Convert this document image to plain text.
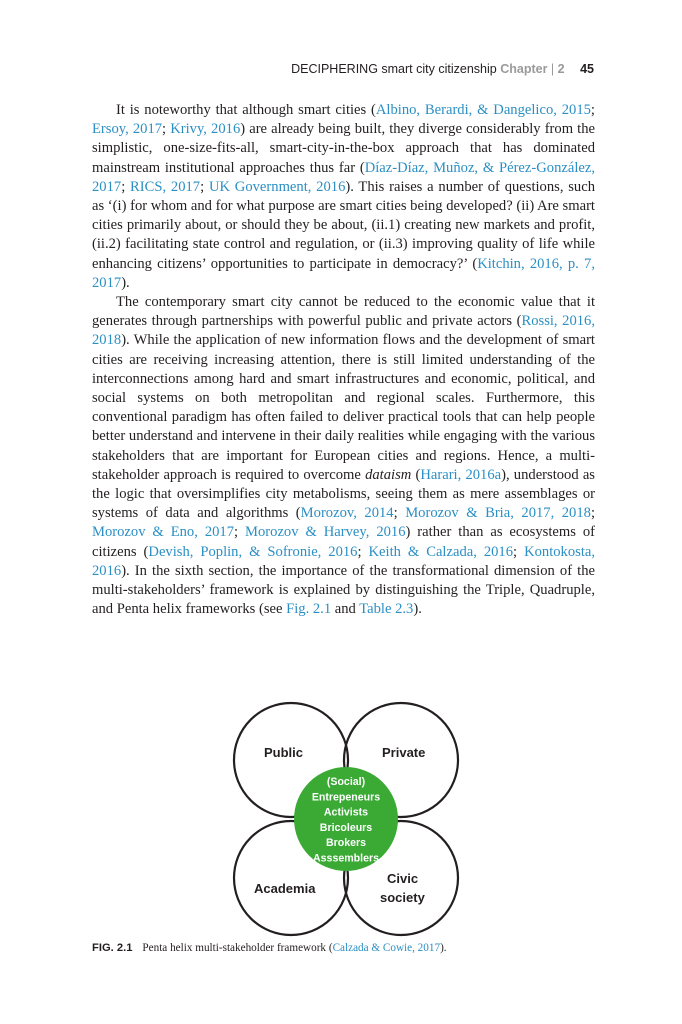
DECIPHERING smart city citizenship Chapter | 2 45

It is noteworthy that although smart cities (Albino, Berardi, & Dangelico, 2015; Ersoy, 2017; Krivy, 2016) are already being built, they diverge considerably from the simplistic, one-size-fits-all, smart-city-in-the-box approach that has dominated mainstream institutional approaches thus far (Díaz-Díaz, Muñoz, & Pérez-González, 2017; RICS, 2017; UK Government, 2016). This raises a number of questions, such as ‘(i) for whom and for what purpose are smart cities being developed? (ii) Are smart cities primarily about, or should they be about, (ii.1) creating new markets and profit, (ii.2) facilitating state control and regulation, or (ii.3) improving quality of life while enhancing citizens’ opportunities to participate in democracy?’ (Kitchin, 2016, p. 7, 2017).

The contemporary smart city cannot be reduced to the economic value that it generates through partnerships with powerful public and private actors (Rossi, 2016, 2018). While the application of new information flows and the development of smart cities are receiving increasing attention, there is still limited understanding of the interconnections among hard and smart infrastructures and economic, political, and social systems on both metropolitan and regional scales. Furthermore, this conventional paradigm has often failed to deliver practical tools that can help people better understand and intervene in their daily realities while engaging with the various stakeholders that are important for European cities and regions. Hence, a multi-stakeholder approach is required to overcome dataism (Harari, 2016a), understood as the logic that oversimplifies city metabolisms, seeing them as mere assemblages or systems of data and algorithms (Morozov, 2014; Morozov & Bria, 2017, 2018; Morozov & Eno, 2017; Morozov & Harvey, 2016) rather than as ecosystems of citizens (Devish, Poplin, & Sofronie, 2016; Keith & Calzada, 2016; Kontokosta, 2016). In the sixth section, the importance of the transformational dimension of the multi-stakeholders’ framework is explained by distinguishing the Triple, Quadruple, and Penta helix frameworks (see Fig. 2.1 and Table 2.3).

Public	Private
Academia
Civic
society
(Social)
Entrepeneurs
Activists
Bricoleurs
Brokers
Asssemblers
FIG. 2.1 Penta helix multi-stakeholder framework (Calzada & Cowie, 2017).
